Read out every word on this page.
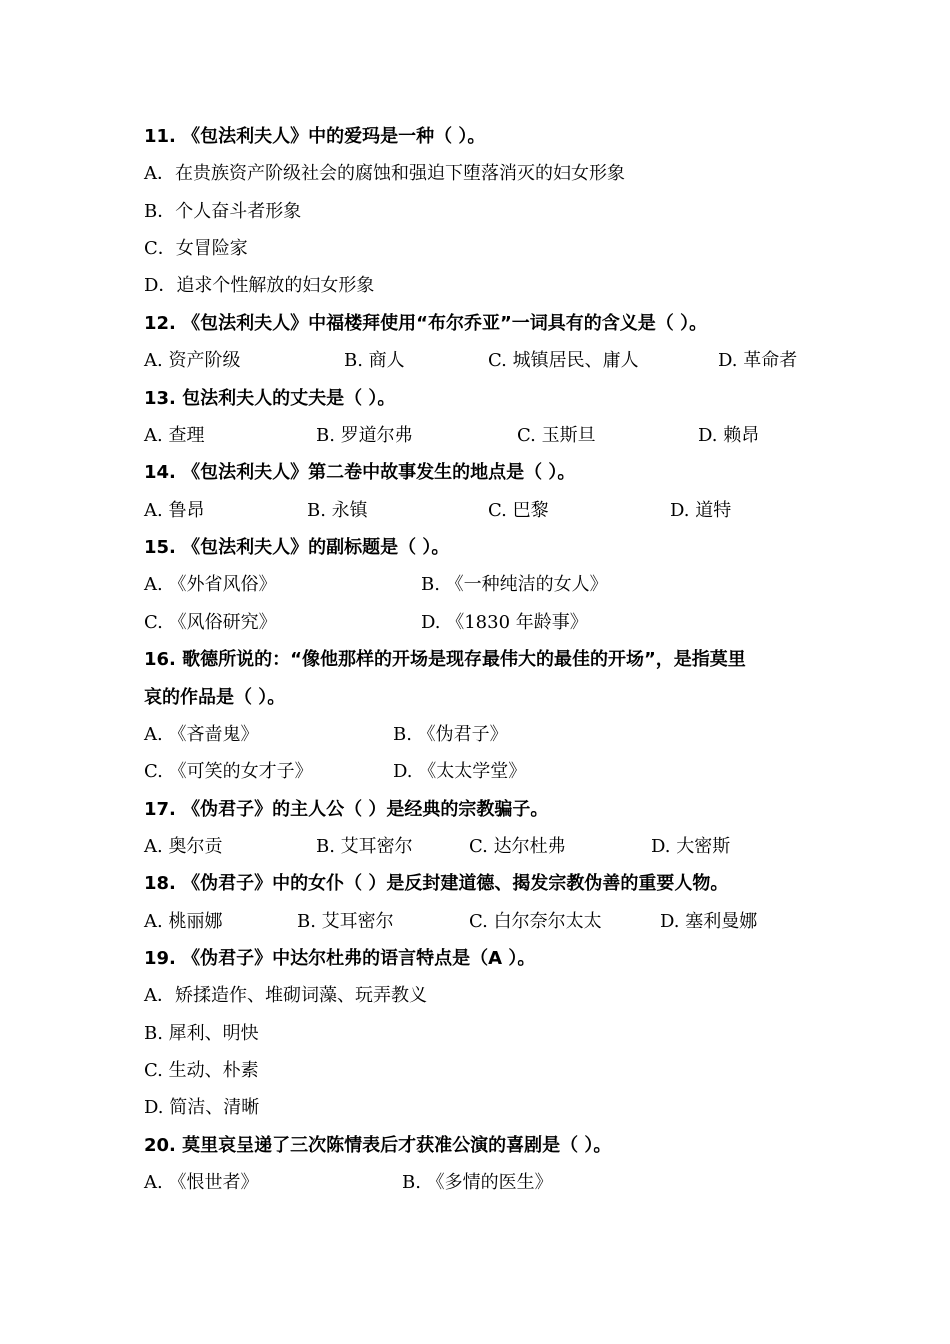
11. 《包法利夫人》中的爱玛是一种（ ）。
A．在贵族资产阶级社会的腐蚀和强迫下堕落消灭的妇女形象
B．个人奋斗者形象
C．女冒险家
D．追求个性解放的妇女形象
12. 《包法利夫人》中福楼拜使用“布尔乔亚”一词具有的含义是（ ）。
A. 资产阶级	B. 商人	C. 城镇居民、庸人	D. 革命者
13. 包法利夫人的丈夫是（ ）。
A. 查理	B. 罗道尔弗	C. 玉斯旦	D. 赖昂
14. 《包法利夫人》第二卷中故事发生的地点是（ ）。
A. 鲁昂	B. 永镇	C. 巴黎	D. 道特
15. 《包法利夫人》的副标题是（ ）。
A. 《外省风俗》	B. 《一种纯洁的女人》
C. 《风俗研究》	D. 《1830 年龄事》
16. 歌德所说的：“像他那样的开场是现存最伟大的最佳的开场”，是指莫里
哀的作品是（ ）。
A. 《吝啬鬼》	B. 《伪君子》
C. 《可笑的女才子》	D. 《太太学堂》
17. 《伪君子》的主人公（ ）是经典的宗教骗子。
A. 奥尔贡	B. 艾耳密尔	C. 达尔杜弗	D. 大密斯
18. 《伪君子》中的女仆（ ）是反封建道德、揭发宗教伪善的重要人物。
A. 桃丽娜	B. 艾耳密尔	C. 白尔奈尔太太	D. 塞利曼娜
19. 《伪君子》中达尔杜弗的语言特点是（A ）。
A．矫揉造作、堆砌词藻、玩弄教义
B. 犀利、明快
C. 生动、朴素
D. 简洁、清晰
20. 莫里哀呈递了三次陈情表后才获准公演的喜剧是（ ）。
A. 《恨世者》	B. 《多情的医生》
